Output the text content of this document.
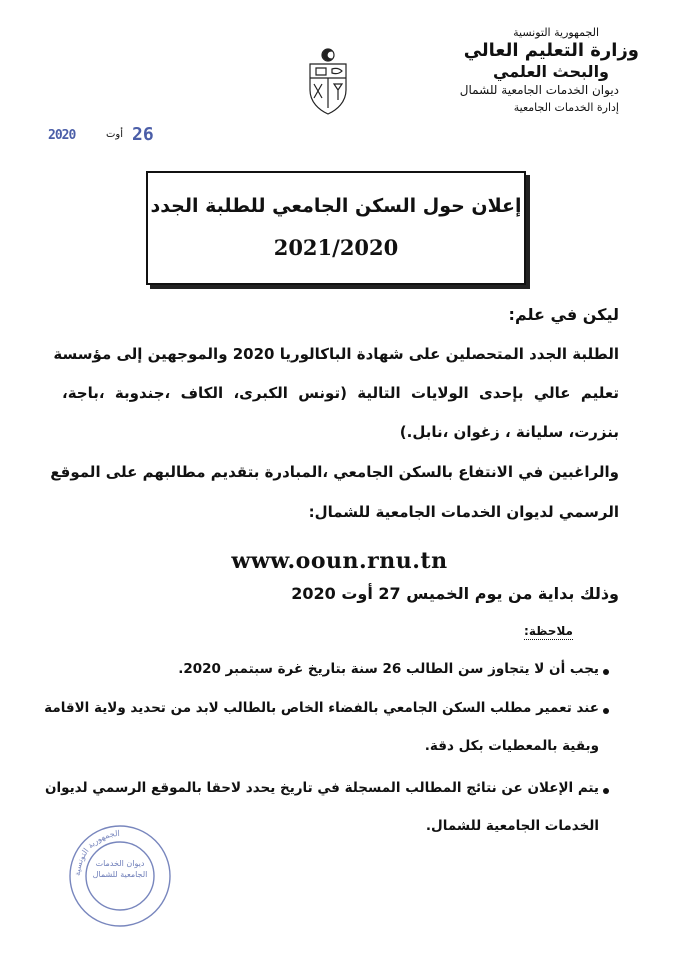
الجمهورية التونسية
وزارة التعليم العالي
والبحث العلمي
ديوان الخدمات الجامعية للشمال
إدارة الخدمات الجامعية
2020	أوت 26
إعلان حول السكن الجامعي للطلبة الجدد
2021/2020
ليكن في علم:
الطلبة الجدد المتحصلين على شهادة الباكالوريا 2020 والموجهين إلى مؤسسة
تعليم عالي بإحدى الولايات التالية (تونس الكبرى، الكاف ،جندوبة ،باجة،
بنزرت، سليانة ، زغوان ،نابل.)
والراغبين في الانتفاع بالسكن الجامعي ،المبادرة بتقديم مطالبهم على الموقع
الرسمي لديوان الخدمات الجامعية للشمال:
www.ooun.rnu.tn
وذلك بداية من يوم الخميس 27 أوت 2020
ملاحظة:
يجب أن لا يتجاوز سن الطالب 26 سنة بتاريخ غرة سبتمبر 2020.
عند تعمير مطلب السكن الجامعي بالفضاء الخاص بالطالب لابد من تحديد ولاية الاقامة
وبقية بالمعطيات بكل دقة.
يتم الإعلان عن نتائج المطالب المسجلة في تاريخ يحدد لاحقا بالموقع الرسمي لديوان
الخدمات الجامعية للشمال.
الجمهورية التونسية
ديوان الخدمات الجامعية للشمال
